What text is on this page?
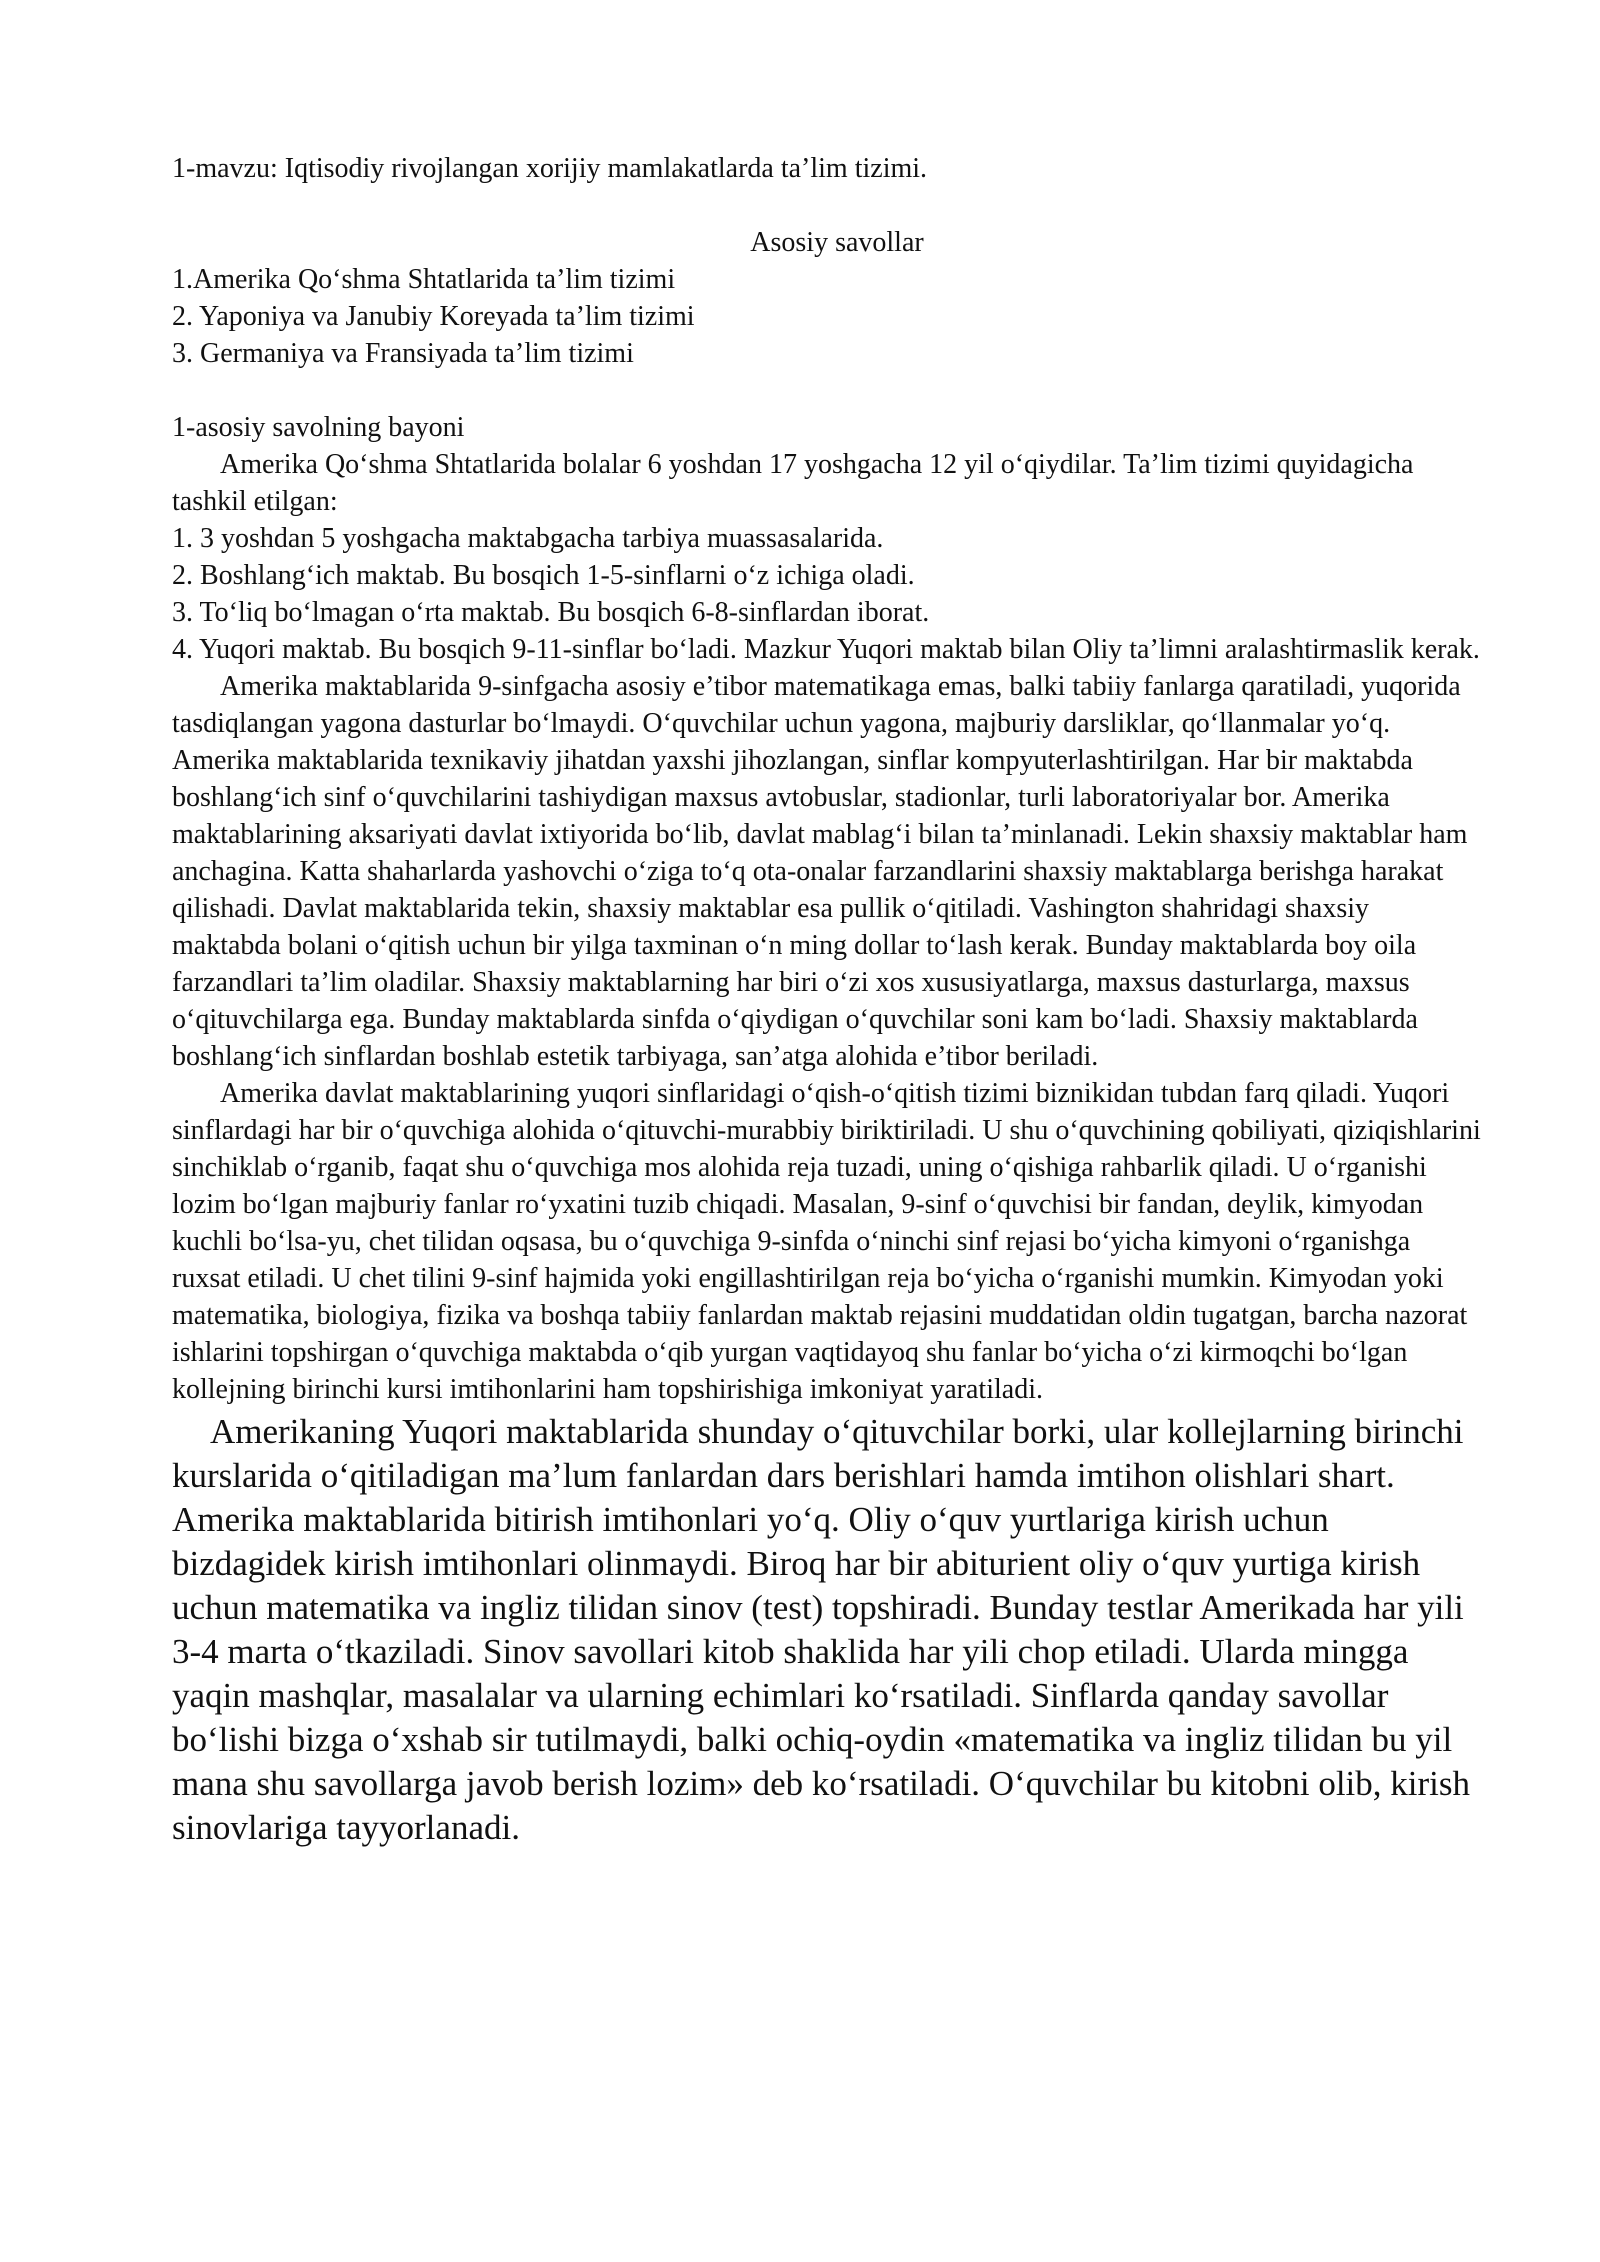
1-mavzu: Iqtisodiy rivojlangan xorijiy mamlakatlarda ta’lim tizimi.

Asosiy savollar

1.Amerika Qo‘shma Shtatlarida ta’lim tizimi

2. Yaponiya va Janubiy Koreyada ta’lim tizimi

3. Germaniya va Fransiyada ta’lim tizimi

1-asosiy savolning bayoni

Amerika Qo‘shma Shtatlarida bolalar 6 yoshdan 17 yoshgacha 12 yil o‘qiydilar. Ta’lim tizimi quyidagicha tashkil etilgan:

1. 3 yoshdan 5 yoshgacha maktabgacha tarbiya muassasalarida.

2. Boshlang‘ich maktab. Bu bosqich 1-5-sinflarni o‘z ichiga oladi.

3. To‘liq bo‘lmagan o‘rta maktab. Bu bosqich 6-8-sinflardan iborat.

4. Yuqori maktab. Bu bosqich 9-11-sinflar bo‘ladi. Mazkur Yuqori maktab bilan Oliy ta’limni aralashtirmaslik kerak.

Amerika maktablarida 9-sinfgacha asosiy e’tibor matematikaga emas, balki tabiiy fanlarga qaratiladi, yuqorida tasdiqlangan yagona dasturlar bo‘lmaydi. O‘quvchilar uchun yagona, majburiy darsliklar, qo‘llanmalar yo‘q. Amerika maktablarida texnikaviy jihatdan yaxshi jihozlangan, sinflar kompyuterlashtirilgan. Har bir maktabda boshlang‘ich sinf o‘quvchilarini tashiydigan maxsus avtobuslar, stadionlar, turli laboratoriyalar bor. Amerika maktablarining aksariyati davlat ixtiyorida bo‘lib, davlat mablag‘i bilan ta’minlanadi. Lekin shaxsiy maktablar ham anchagina. Katta shaharlarda yashovchi o‘ziga to‘q ota-onalar farzandlarini shaxsiy maktablarga berishga harakat qilishadi. Davlat maktablarida tekin, shaxsiy maktablar esa pullik o‘qitiladi. Vashington shahridagi shaxsiy maktabda bolani o‘qitish uchun bir yilga taxminan o‘n ming dollar to‘lash kerak. Bunday maktablarda boy oila farzandlari ta’lim oladilar. Shaxsiy maktablarning har biri o‘zi xos xususiyatlarga, maxsus dasturlarga, maxsus o‘qituvchilarga ega. Bunday maktablarda sinfda o‘qiydigan o‘quvchilar soni kam bo‘ladi. Shaxsiy maktablarda boshlang‘ich sinflardan boshlab estetik tarbiyaga, san’atga alohida e’tibor beriladi.

Amerika davlat maktablarining yuqori sinflaridagi o‘qish-o‘qitish tizimi biznikidan tubdan farq qiladi. Yuqori sinflardagi har bir o‘quvchiga alohida o‘qituvchi-murabbiy biriktiriladi. U shu o‘quvchining qobiliyati, qiziqishlarini sinchiklab o‘rganib, faqat shu o‘quvchiga mos alohida reja tuzadi, uning o‘qishiga rahbarlik qiladi. U o‘rganishi lozim bo‘lgan majburiy fanlar ro‘yxatini tuzib chiqadi. Masalan, 9-sinf o‘quvchisi bir fandan, deylik, kimyodan kuchli bo‘lsa-yu, chet tilidan oqsasa, bu o‘quvchiga 9-sinfda o‘ninchi sinf rejasi bo‘yicha kimyoni o‘rganishga ruxsat etiladi. U chet tilini 9-sinf hajmida yoki engillashtirilgan reja bo‘yicha o‘rganishi mumkin. Kimyodan yoki matematika, biologiya, fizika va boshqa tabiiy fanlardan maktab rejasini muddatidan oldin tugatgan, barcha nazorat ishlarini topshirgan o‘quvchiga maktabda o‘qib yurgan vaqtidayoq shu fanlar bo‘yicha o‘zi kirmoqchi bo‘lgan kollejning birinchi kursi imtihonlarini ham topshirishiga imkoniyat yaratiladi.

Amerikaning Yuqori maktablarida shunday o‘qituvchilar borki, ular kollejlarning birinchi kurslarida o‘qitiladigan ma’lum fanlardan dars berishlari hamda imtihon olishlari shart. Amerika maktablarida bitirish imtihonlari yo‘q. Oliy o‘quv yurtlariga kirish uchun bizdagidek kirish imtihonlari olinmaydi. Biroq har bir abiturient oliy o‘quv yurtiga kirish uchun matematika va ingliz tilidan sinov (test) topshiradi. Bunday testlar Amerikada har yili 3-4 marta o‘tkaziladi. Sinov savollari kitob shaklida har yili chop etiladi. Ularda mingga yaqin mashqlar, masalalar va ularning echimlari ko‘rsatiladi. Sinflarda qanday savollar bo‘lishi bizga o‘xshab sir tutilmaydi, balki ochiq-oydin «matematika va ingliz tilidan bu yil mana shu savollarga javob berish lozim» deb ko‘rsatiladi. O‘quvchilar bu kitobni olib, kirish sinovlariga tayyorlanadi.
